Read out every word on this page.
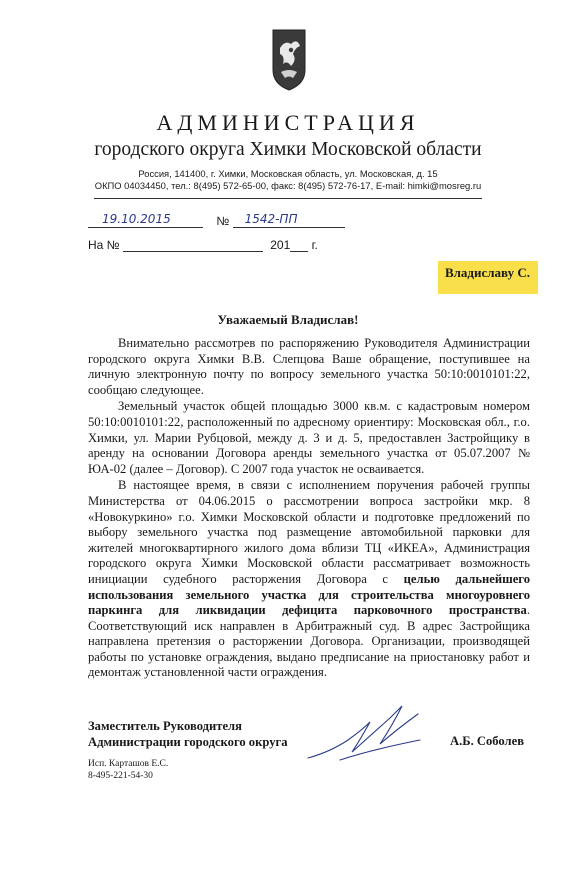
АДМИНИСТРАЦИЯ
городского округа Химки Московской области
Россия, 141400, г. Химки, Московская область, ул. Московская, д. 15
ОКПО 04034450, тел.: 8(495) 572-65-00, факс: 8(495) 572-76-17, E-mail: himki@mosreg.ru
19.10.2015	№ 1542-ПП
На №	201 г.
Владиславу С.
Уважаемый Владислав!

Внимательно рассмотрев по распоряжению Руководителя Администрации городского округа Химки В.В. Слепцова Ваше обращение, поступившее на личную электронную почту по вопросу земельного участка 50:10:0010101:22, сообщаю следующее.

Земельный участок общей площадью 3000 кв.м. с кадастровым номером 50:10:0010101:22, расположенный по адресному ориентиру: Московская обл., г.о. Химки, ул. Марии Рубцовой, между д. 3 и д. 5, предоставлен Застройщику в аренду на основании Договора аренды земельного участка от 05.07.2007 № ЮА-02 (далее – Договор). С 2007 года участок не осваивается.

В настоящее время, в связи с исполнением поручения рабочей группы Министерства от 04.06.2015 о рассмотрении вопроса застройки мкр. 8 «Новокуркино» г.о. Химки Московской области и подготовке предложений по выбору земельного участка под размещение автомобильной парковки для жителей многоквартирного жилого дома вблизи ТЦ «ИКЕА», Администрация городского округа Химки Московской области рассматривает возможность инициации судебного расторжения Договора с целью дальнейшего использования земельного участка для строительства многоуровнего паркинга для ликвидации дефицита парковочного пространства. Соответствующий иск направлен в Арбитражный суд. В адрес Застройщика направлена претензия о расторжении Договора. Организации, производящей работы по установке ограждения, выдано предписание на приостановку работ и демонтаж установленной части ограждения.

Заместитель Руководителя
Администрации городского округа	А.Б. Соболев
Исп. Карташов Е.С.
8-495-221-54-30
